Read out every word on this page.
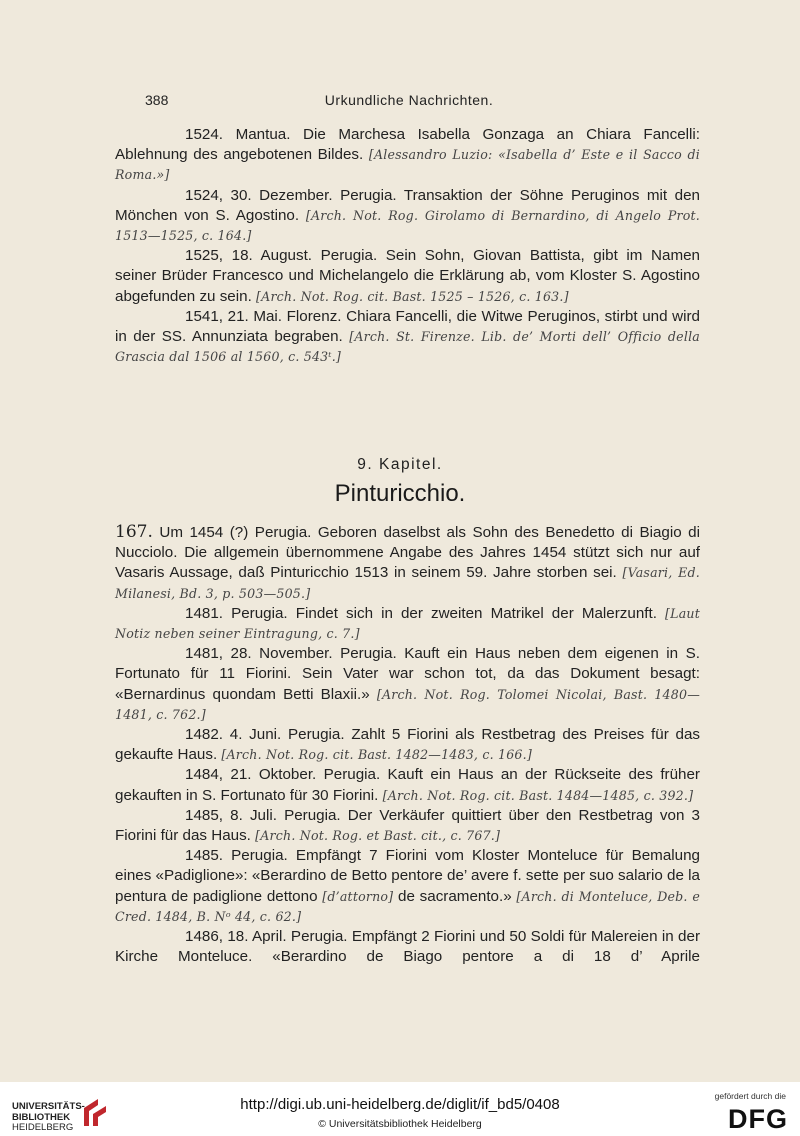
388	Urkundliche Nachrichten.

1524. Mantua. Die Marchesa Isabella Gonzaga an Chiara Fancelli: Ablehnung des angebotenen Bildes. [Alessandro Luzio: «Isabella d’ Este e il Sacco di Roma.»]

1524, 30. Dezember. Perugia. Transaktion der Söhne Peruginos mit den Mönchen von S. Agostino. [Arch. Not. Rog. Girolamo di Bernardino, di Angelo Prot. 1513—1525, c. 164.]

1525, 18. August. Perugia. Sein Sohn, Giovan Battista, gibt im Namen seiner Brüder Francesco und Michelangelo die Erklärung ab, vom Kloster S. Agostino abgefunden zu sein. [Arch. Not. Rog. cit. Bast. 1525 – 1526, c. 163.]

1541, 21. Mai. Florenz. Chiara Fancelli, die Witwe Peruginos, stirbt und wird in der SS. Annunziata begraben. [Arch. St. Firenze. Lib. de’ Morti dell’ Officio della Grascia dal 1506 al 1560, c. 543ᵗ.]

9. Kapitel.
Pinturicchio.

167. Um 1454 (?) Perugia. Geboren daselbst als Sohn des Benedetto di Biagio di Nucciolo. Die allgemein übernommene Angabe des Jahres 1454 stützt sich nur auf Vasaris Aussage, daß Pinturicchio 1513 in seinem 59. Jahre storben sei. [Vasari, Ed. Milanesi, Bd. 3, p. 503—505.]

1481. Perugia. Findet sich in der zweiten Matrikel der Malerzunft. [Laut Notiz neben seiner Eintragung, c. 7.]

1481, 28. November. Perugia. Kauft ein Haus neben dem eigenen in S. Fortunato für 11 Fiorini. Sein Vater war schon tot, da das Dokument besagt: «Bernardinus quondam Betti Blaxii.» [Arch. Not. Rog. Tolomei Nicolai, Bast. 1480—1481, c. 762.]

1482. 4. Juni. Perugia. Zahlt 5 Fiorini als Restbetrag des Preises für das gekaufte Haus. [Arch. Not. Rog. cit. Bast. 1482—1483, c. 166.]

1484, 21. Oktober. Perugia. Kauft ein Haus an der Rückseite des früher gekauften in S. Fortunato für 30 Fiorini. [Arch. Not. Rog. cit. Bast. 1484—1485, c. 392.]

1485, 8. Juli. Perugia. Der Verkäufer quittiert über den Restbetrag von 3 Fiorini für das Haus. [Arch. Not. Rog. et Bast. cit., c. 767.]

1485. Perugia. Empfängt 7 Fiorini vom Kloster Monteluce für Bemalung eines «Padiglione»: «Berardino de Betto pentore de’ avere f. sette per suo salario de la pentura de padiglione dettono [d’attorno] de sacramento.» [Arch. di Monteluce, Deb. e Cred. 1484, B. Nᵒ 44, c. 62.]

1486, 18. April. Perugia. Empfängt 2 Fiorini und 50 Soldi für Malereien in der Kirche Monteluce. «Berardino de Biago pentore a di 18 d’ Aprile

UNIVERSITÄTS-
BIBLIOTHEK
HEIDELBERG
http://digi.ub.uni-heidelberg.de/diglit/if_bd5/0408
© Universitätsbibliothek Heidelberg
gefördert durch die
DFG
